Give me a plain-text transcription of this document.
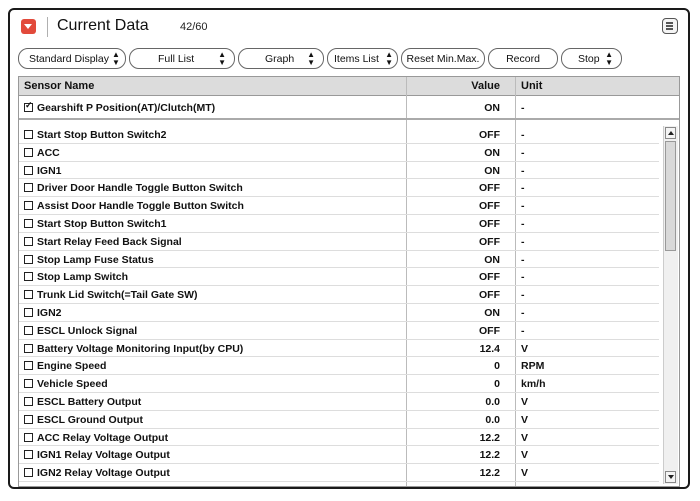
Current Data	42/60
Standard Display ▲
▼	Full List	▲
▼	Graph ▲
▼ Items List ▲
▼	Reset Min.Max.	Record	Stop ▲
▼
Sensor Name	Value Unit
✓
Gearshift P Position(AT)/Clutch(MT)	ON -
Start Stop Button Switch2	OFF -
ACC	ON -
IGN1	ON -
Driver Door Handle Toggle Button Switch	OFF -
Assist Door Handle Toggle Button Switch	OFF -
Start Stop Button Switch1	OFF -
Start Relay Feed Back Signal	OFF -
Stop Lamp Fuse Status	ON -
Stop Lamp Switch	OFF -
Trunk Lid Switch(=Tail Gate SW)	OFF -
IGN2	ON -
ESCL Unlock Signal	OFF -
Battery Voltage Monitoring Input(by CPU)	12.4 V
Engine Speed	0 RPM
Vehicle Speed	0 km/h
ESCL Battery Output	0.0 V
ESCL Ground Output	0.0 V
ACC Relay Voltage Output	12.2 V
IGN1 Relay Voltage Output	12.2 V
IGN2 Relay Voltage Output	12.2 V
